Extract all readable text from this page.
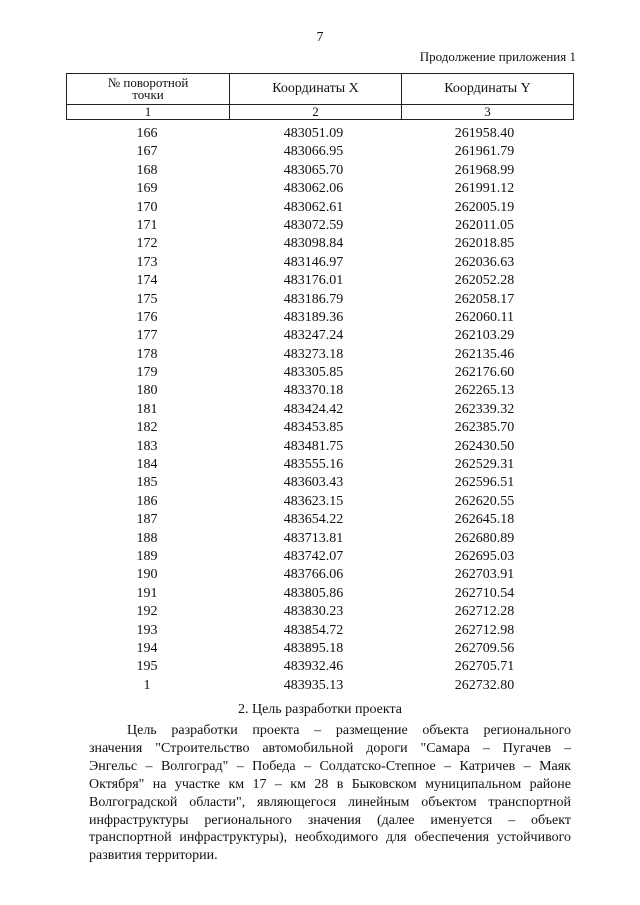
7
Продолжение приложения 1
№ поворотной
точки	Координаты X	Координаты Y
1	2	3
166	483051.09	261958.40
167	483066.95	261961.79
168	483065.70	261968.99
169	483062.06	261991.12
170	483062.61	262005.19
171	483072.59	262011.05
172	483098.84	262018.85
173	483146.97	262036.63
174	483176.01	262052.28
175	483186.79	262058.17
176	483189.36	262060.11
177	483247.24	262103.29
178	483273.18	262135.46
179	483305.85	262176.60
180	483370.18	262265.13
181	483424.42	262339.32
182	483453.85	262385.70
183	483481.75	262430.50
184	483555.16	262529.31
185	483603.43	262596.51
186	483623.15	262620.55
187	483654.22	262645.18
188	483713.81	262680.89
189	483742.07	262695.03
190	483766.06	262703.91
191	483805.86	262710.54
192	483830.23	262712.28
193	483854.72	262712.98
194	483895.18	262709.56
195	483932.46	262705.71
1	483935.13	262732.80
2. Цель разработки проекта
Цель разработки проекта – размещение объекта регионального
значения "Строительство автомобильной дороги "Самара – Пугачев –
Энгельс – Волгоград" – Победа – Солдатско-Степное – Катричев – Маяк
Октября" на участке км 17 – км 28 в Быковском муниципальном районе
Волгоградской области", являющегося линейным объектом транспортной
инфраструктуры регионального значения (далее именуется – объект
транспортной инфраструктуры), необходимого для обеспечения устойчивого
развития территории.
